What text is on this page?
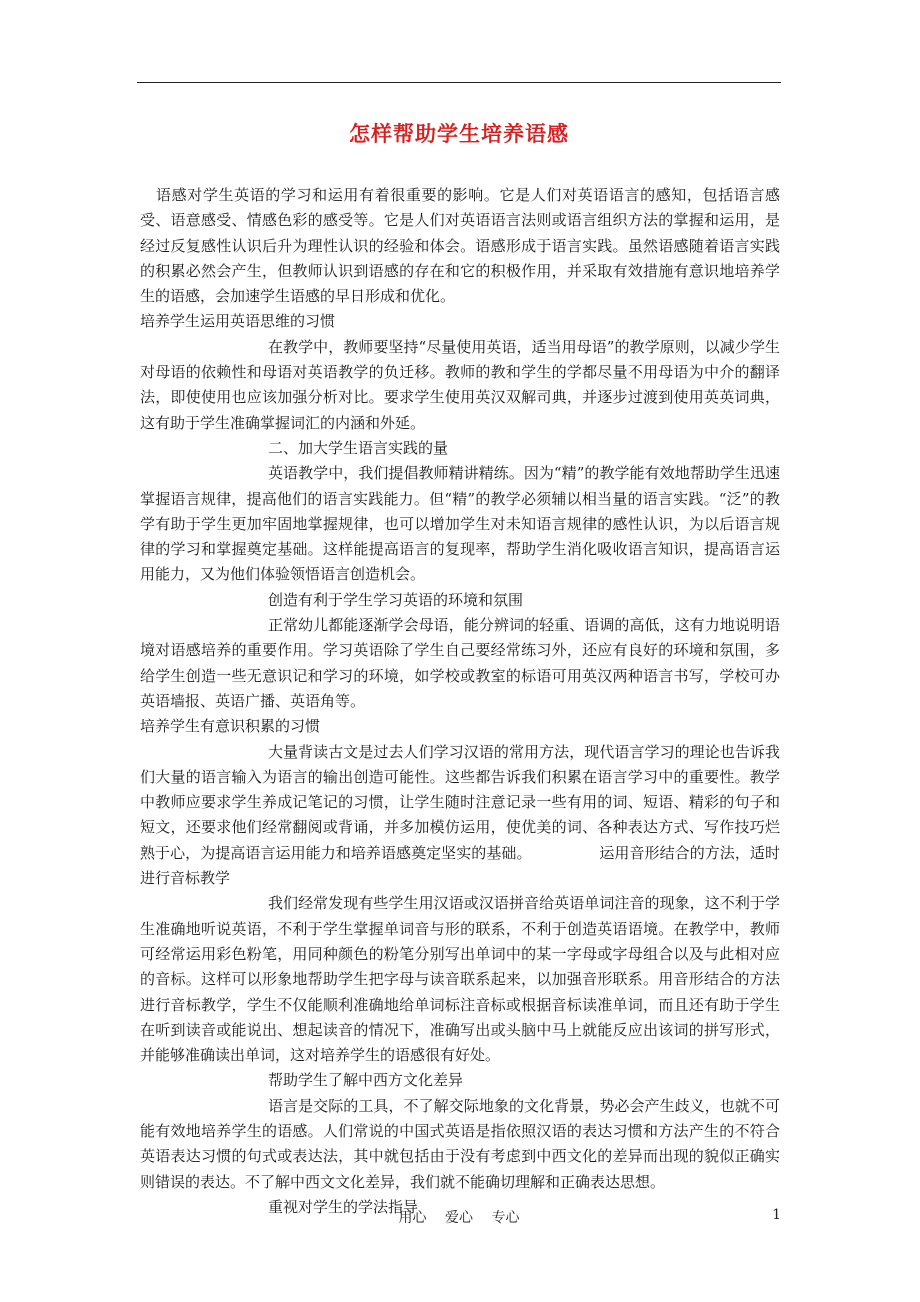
怎样帮助学生培养语感

语感对学生英语的学习和运用有着很重要的影响。它是人们对英语语言的感知，包括语言感受、语意感受、情感色彩的感受等。它是人们对英语语言法则或语言组织方法的掌握和运用，是经过反复感性认识后升为理性认识的经验和体会。语感形成于语言实践。虽然语感随着语言实践的积累必然会产生，但教师认识到语感的存在和它的积极作用，并采取有效措施有意识地培养学生的语感，会加速学生语感的早日形成和优化。

培养学生运用英语思维的习惯

在教学中，教师要坚持“尽量使用英语，适当用母语”的教学原则，以减少学生对母语的依赖性和母语对英语教学的负迁移。教师的教和学生的学都尽量不用母语为中介的翻译法，即使使用也应该加强分析对比。要求学生使用英汉双解司典，并逐步过渡到使用英英词典，这有助于学生准确掌握词汇的内涵和外延。

二、加大学生语言实践的量

英语教学中，我们提倡教师精讲精练。因为“精”的教学能有效地帮助学生迅速掌握语言规律，提高他们的语言实践能力。但“精”的教学必须辅以相当量的语言实践。“泛”的教学有助于学生更加牢固地掌握规律，也可以增加学生对未知语言规律的感性认识，为以后语言规律的学习和掌握奠定基础。这样能提高语言的复现率，帮助学生消化吸收语言知识，提高语言运用能力，又为他们体验领悟语言创造机会。

创造有利于学生学习英语的环境和氛围

正常幼儿都能逐渐学会母语，能分辨词的轻重、语调的高低，这有力地说明语境对语感培养的重要作用。学习英语除了学生自己要经常练习外，还应有良好的环境和氛围，多给学生创造一些无意识记和学习的环境，如学校或教室的标语可用英汉两种语言书写，学校可办英语墙报、英语广播、英语角等。

培养学生有意识积累的习惯

大量背读古文是过去人们学习汉语的常用方法，现代语言学习的理论也告诉我们大量的语言输入为语言的输出创造可能性。这些都告诉我们积累在语言学习中的重要性。教学中教师应要求学生养成记笔记的习惯，让学生随时注意记录一些有用的词、短语、精彩的句子和短文，还要求他们经常翻阅或背诵，并多加模仿运用，使优美的词、各种表达方式、写作技巧烂熟于心，为提高语言运用能力和培养语感奠定坚实的基础。　　　　　运用音形结合的方法，适时进行音标教学

我们经常发现有些学生用汉语或汉语拼音给英语单词注音的现象，这不利于学生准确地听说英语，不利于学生掌握单词音与形的联系，不利于创造英语语境。在教学中，教师可经常运用彩色粉笔，用同种颜色的粉笔分别写出单词中的某一字母或字母组合以及与此相对应的音标。这样可以形象地帮助学生把字母与读音联系起来，以加强音形联系。用音形结合的方法进行音标教学，学生不仅能顺利准确地给单词标注音标或根据音标读准单词，而且还有助于学生在听到读音或能说出、想起读音的情况下，准确写出或头脑中马上就能反应出该词的拼写形式，并能够准确读出单词，这对培养学生的语感很有好处。

帮助学生了解中西方文化差异

语言是交际的工具，不了解交际地象的文化背景，势必会产生歧义，也就不可能有效地培养学生的语感。人们常说的中国式英语是指依照汉语的表达习惯和方法产生的不符合英语表达习惯的句式或表达法，其中就包括由于没有考虑到中西文化的差异而出现的貌似正确实则错误的表达。不了解中西文文化差异，我们就不能确切理解和正确表达思想。

重视对学生的学法指导

用心 爱心 专心	1
